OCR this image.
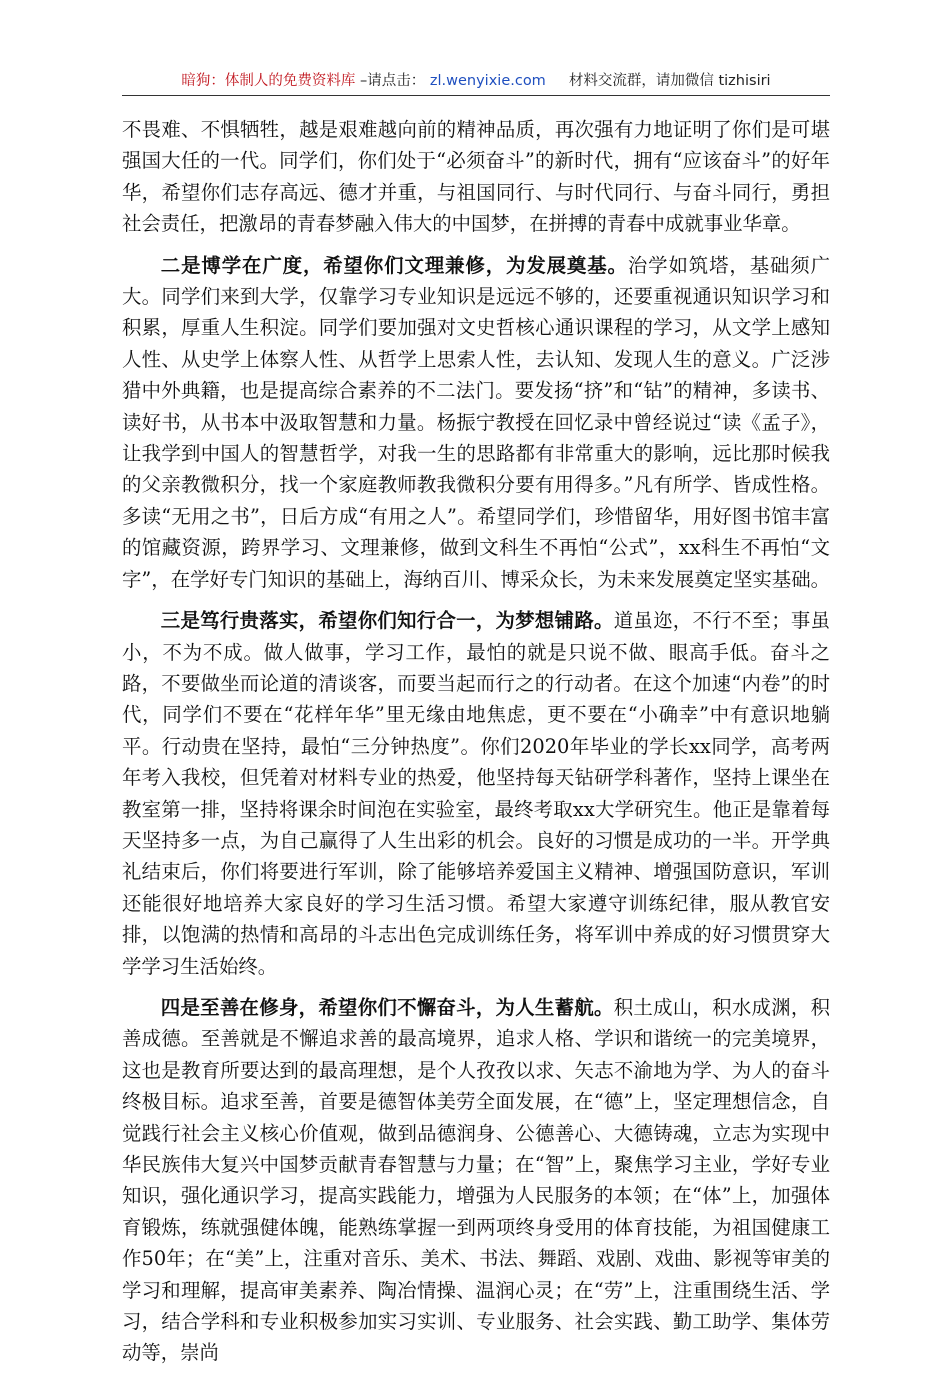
暗狗：体制人的免费资料库 –请点击： zl.wenyixie.com 材料交流群，请加微信 tizhisiri

不畏难、不惧牺牲，越是艰难越向前的精神品质，再次强有力地证明了你们是可堪强国大任的一代。同学们，你们处于“必须奋斗”的新时代，拥有“应该奋斗”的好年华，希望你们志存高远、德才并重，与祖国同行、与时代同行、与奋斗同行，勇担社会责任，把激昂的青春梦融入伟大的中国梦，在拼搏的青春中成就事业华章。

二是博学在广度，希望你们文理兼修，为发展奠基。治学如筑塔，基础须广大。同学们来到大学，仅靠学习专业知识是远远不够的，还要重视通识知识学习和积累，厚重人生积淀。同学们要加强对文史哲核心通识课程的学习，从文学上感知人性、从史学上体察人性、从哲学上思索人性，去认知、发现人生的意义。广泛涉猎中外典籍，也是提高综合素养的不二法门。要发扬“挤”和“钻”的精神，多读书、读好书，从书本中汲取智慧和力量。杨振宁教授在回忆录中曾经说过“读《孟子》，让我学到中国人的智慧哲学，对我一生的思路都有非常重大的影响，远比那时候我的父亲教微积分，找一个家庭教师教我微积分要有用得多。”凡有所学、皆成性格。多读“无用之书”，日后方成“有用之人”。希望同学们，珍惜留华，用好图书馆丰富的馆藏资源，跨界学习、文理兼修，做到文科生不再怕“公式”，xx科生不再怕“文字”，在学好专门知识的基础上，海纳百川、博采众长，为未来发展奠定坚实基础。

三是笃行贵落实，希望你们知行合一，为梦想铺路。道虽迩，不行不至；事虽小，不为不成。做人做事，学习工作，最怕的就是只说不做、眼高手低。奋斗之路，不要做坐而论道的清谈客，而要当起而行之的行动者。在这个加速“内卷”的时代，同学们不要在“花样年华”里无缘由地焦虑，更不要在“小确幸”中有意识地躺平。行动贵在坚持，最怕“三分钟热度”。你们2020年毕业的学长xx同学，高考两年考入我校，但凭着对材料专业的热爱，他坚持每天钻研学科著作，坚持上课坐在教室第一排，坚持将课余时间泡在实验室，最终考取xx大学研究生。他正是靠着每天坚持多一点，为自己赢得了人生出彩的机会。良好的习惯是成功的一半。开学典礼结束后，你们将要进行军训，除了能够培养爱国主义精神、增强国防意识，军训还能很好地培养大家良好的学习生活习惯。希望大家遵守训练纪律，服从教官安排，以饱满的热情和高昂的斗志出色完成训练任务，将军训中养成的好习惯贯穿大学学习生活始终。

四是至善在修身，希望你们不懈奋斗，为人生蓄航。积土成山，积水成渊，积善成德。至善就是不懈追求善的最高境界，追求人格、学识和谐统一的完美境界，这也是教育所要达到的最高理想，是个人孜孜以求、矢志不渝地为学、为人的奋斗终极目标。追求至善，首要是德智体美劳全面发展，在“德”上，坚定理想信念，自觉践行社会主义核心价值观，做到品德润身、公德善心、大德铸魂，立志为实现中华民族伟大复兴中国梦贡献青春智慧与力量；在“智”上，聚焦学习主业，学好专业知识，强化通识学习，提高实践能力，增强为人民服务的本领；在“体”上，加强体育锻炼，练就强健体魄，能熟练掌握一到两项终身受用的体育技能，为祖国健康工作50年；在“美”上，注重对音乐、美术、书法、舞蹈、戏剧、戏曲、影视等审美的学习和理解，提高审美素养、陶冶情操、温润心灵；在“劳”上，注重围绕生活、学习，结合学科和专业积极参加实习实训、专业服务、社会实践、勤工助学、集体劳动等，崇尚
